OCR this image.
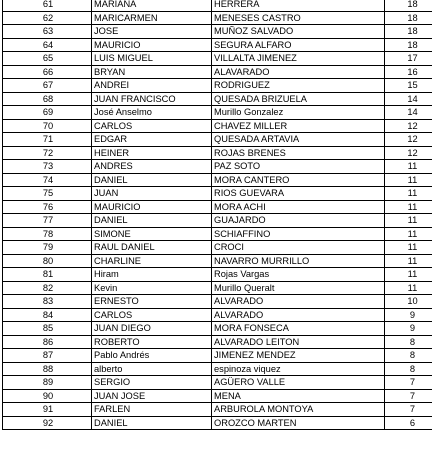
61	MARIANA	HERRERA	18
62	MARICARMEN	MENESES CASTRO	18
63	JOSE	MUÑOZ SALVADO	18
64	MAURICIO	SEGURA ALFARO	18
65	LUIS MIGUEL	VILLALTA JIMENEZ	17
66	BRYAN	ALAVARADO	16
67	ANDREI	RODRIGUEZ	15
68	JUAN FRANCISCO	QUESADA BRIZUELA	14
69	José Anselmo	Murillo Gonzalez	14
70	CARLOS	CHAVEZ MILLER	12
71	EDGAR	QUESADA ARTAVIA	12
72	HEINER	ROJAS BRENES	12
73	ANDRES	PAZ SOTO	11
74	DANIEL	MORA CANTERO	11
75	JUAN	RIOS GUEVARA	11
76	MAURICIO	MORA ACHI	11
77	DANIEL	GUAJARDO	11
78	SIMONE	SCHIAFFINO	11
79	RAUL DANIEL	CROCI	11
80	CHARLINE	NAVARRO MURRILLO	11
81	Hiram	Rojas Vargas	11
82	Kevin	Murillo Queralt	11
83	ERNESTO	ALVARADO	10
84	CARLOS	ALVARADO	9
85	JUAN DIEGO	MORA FONSECA	9
86	ROBERTO	ALVARADO LEITON	8
87	Pablo Andrés	JIMENEZ MENDEZ	8
88	alberto	espinoza viquez	8
89	SERGIO	AGÜERO VALLE	7
90	JUAN JOSE	MENA	7
91	FARLEN	ARBUROLA MONTOYA	7
92	DANIEL	OROZCO MARTEN	6
